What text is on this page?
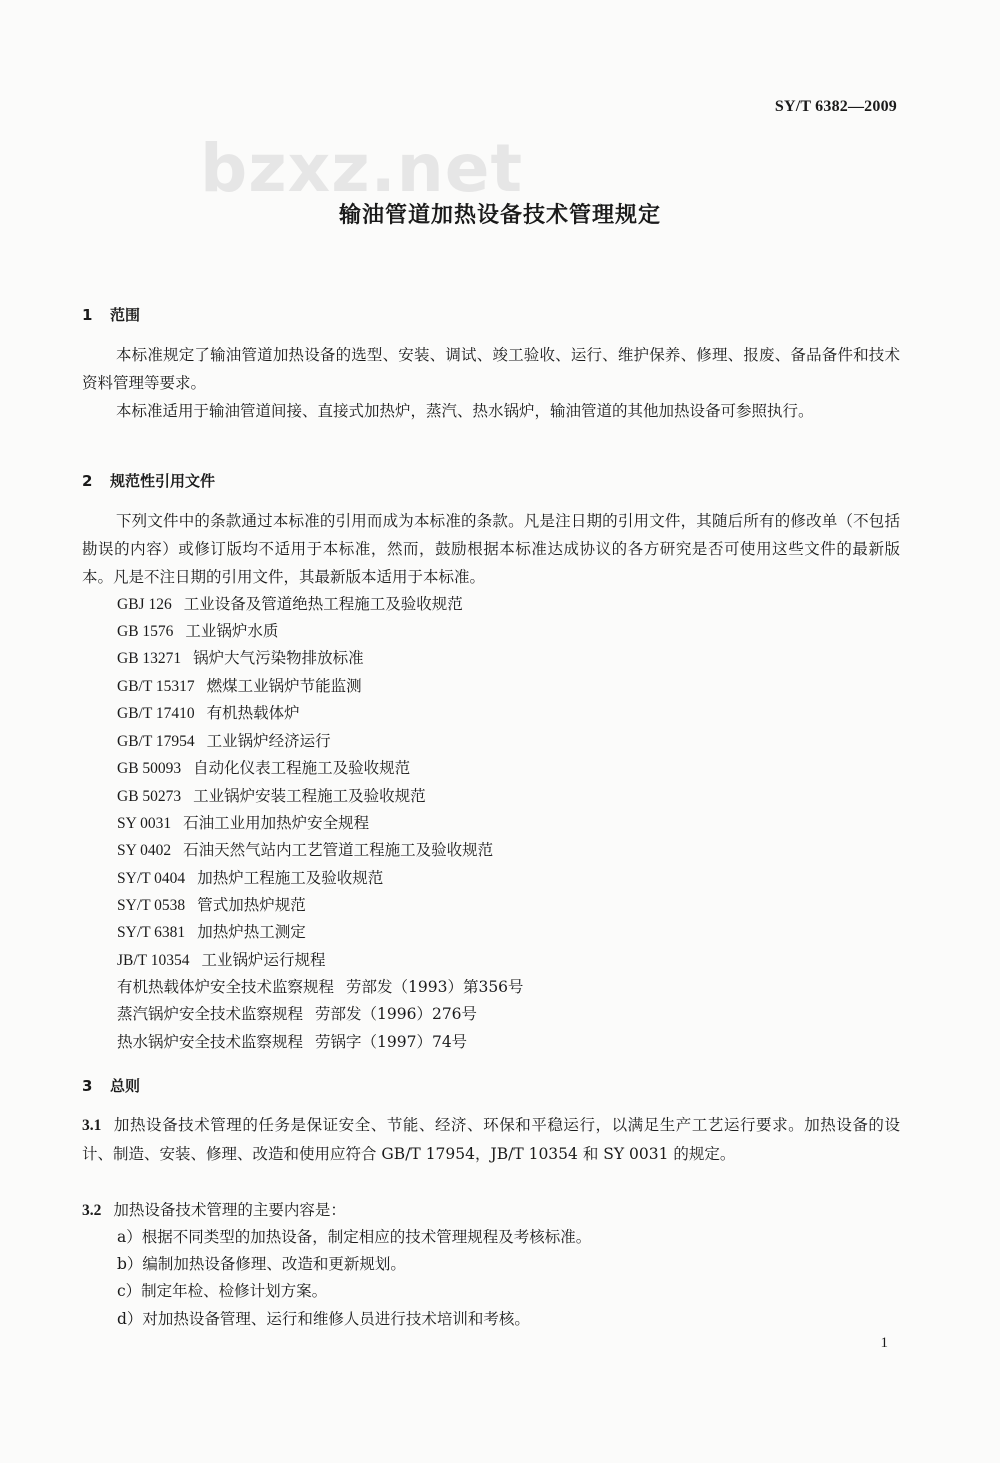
SY/T 6382—2009
bzxz.net
输油管道加热设备技术管理规定
1 范围

本标准规定了输油管道加热设备的选型、安装、调试、竣工验收、运行、维护保养、修理、报废、备品备件和技术资料管理等要求。

本标准适用于输油管道间接、直接式加热炉，蒸汽、热水锅炉，输油管道的其他加热设备可参照执行。

2 规范性引用文件

下列文件中的条款通过本标准的引用而成为本标准的条款。凡是注日期的引用文件，其随后所有的修改单（不包括勘误的内容）或修订版均不适用于本标准，然而，鼓励根据本标准达成协议的各方研究是否可使用这些文件的最新版本。凡是不注日期的引用文件，其最新版本适用于本标准。

GBJ 126 工业设备及管道绝热工程施工及验收规范
GB 1576 工业锅炉水质
GB 13271 锅炉大气污染物排放标准
GB/T 15317 燃煤工业锅炉节能监测
GB/T 17410 有机热载体炉
GB/T 17954 工业锅炉经济运行
GB 50093 自动化仪表工程施工及验收规范
GB 50273 工业锅炉安装工程施工及验收规范
SY 0031 石油工业用加热炉安全规程
SY 0402 石油天然气站内工艺管道工程施工及验收规范
SY/T 0404 加热炉工程施工及验收规范
SY/T 0538 管式加热炉规范
SY/T 6381 加热炉热工测定
JB/T 10354 工业锅炉运行规程
有机热载体炉安全技术监察规程 劳部发（1993）第356号
蒸汽锅炉安全技术监察规程 劳部发（1996）276号
热水锅炉安全技术监察规程 劳锅字（1997）74号
3 总则

3.1 加热设备技术管理的任务是保证安全、节能、经济、环保和平稳运行，以满足生产工艺运行要求。加热设备的设计、制造、安装、修理、改造和使用应符合 GB/T 17954，JB/T 10354 和 SY 0031 的规定。

3.2 加热设备技术管理的主要内容是：
a）根据不同类型的加热设备，制定相应的技术管理规程及考核标准。
b）编制加热设备修理、改造和更新规划。
c）制定年检、检修计划方案。
d）对加热设备管理、运行和维修人员进行技术培训和考核。
1
